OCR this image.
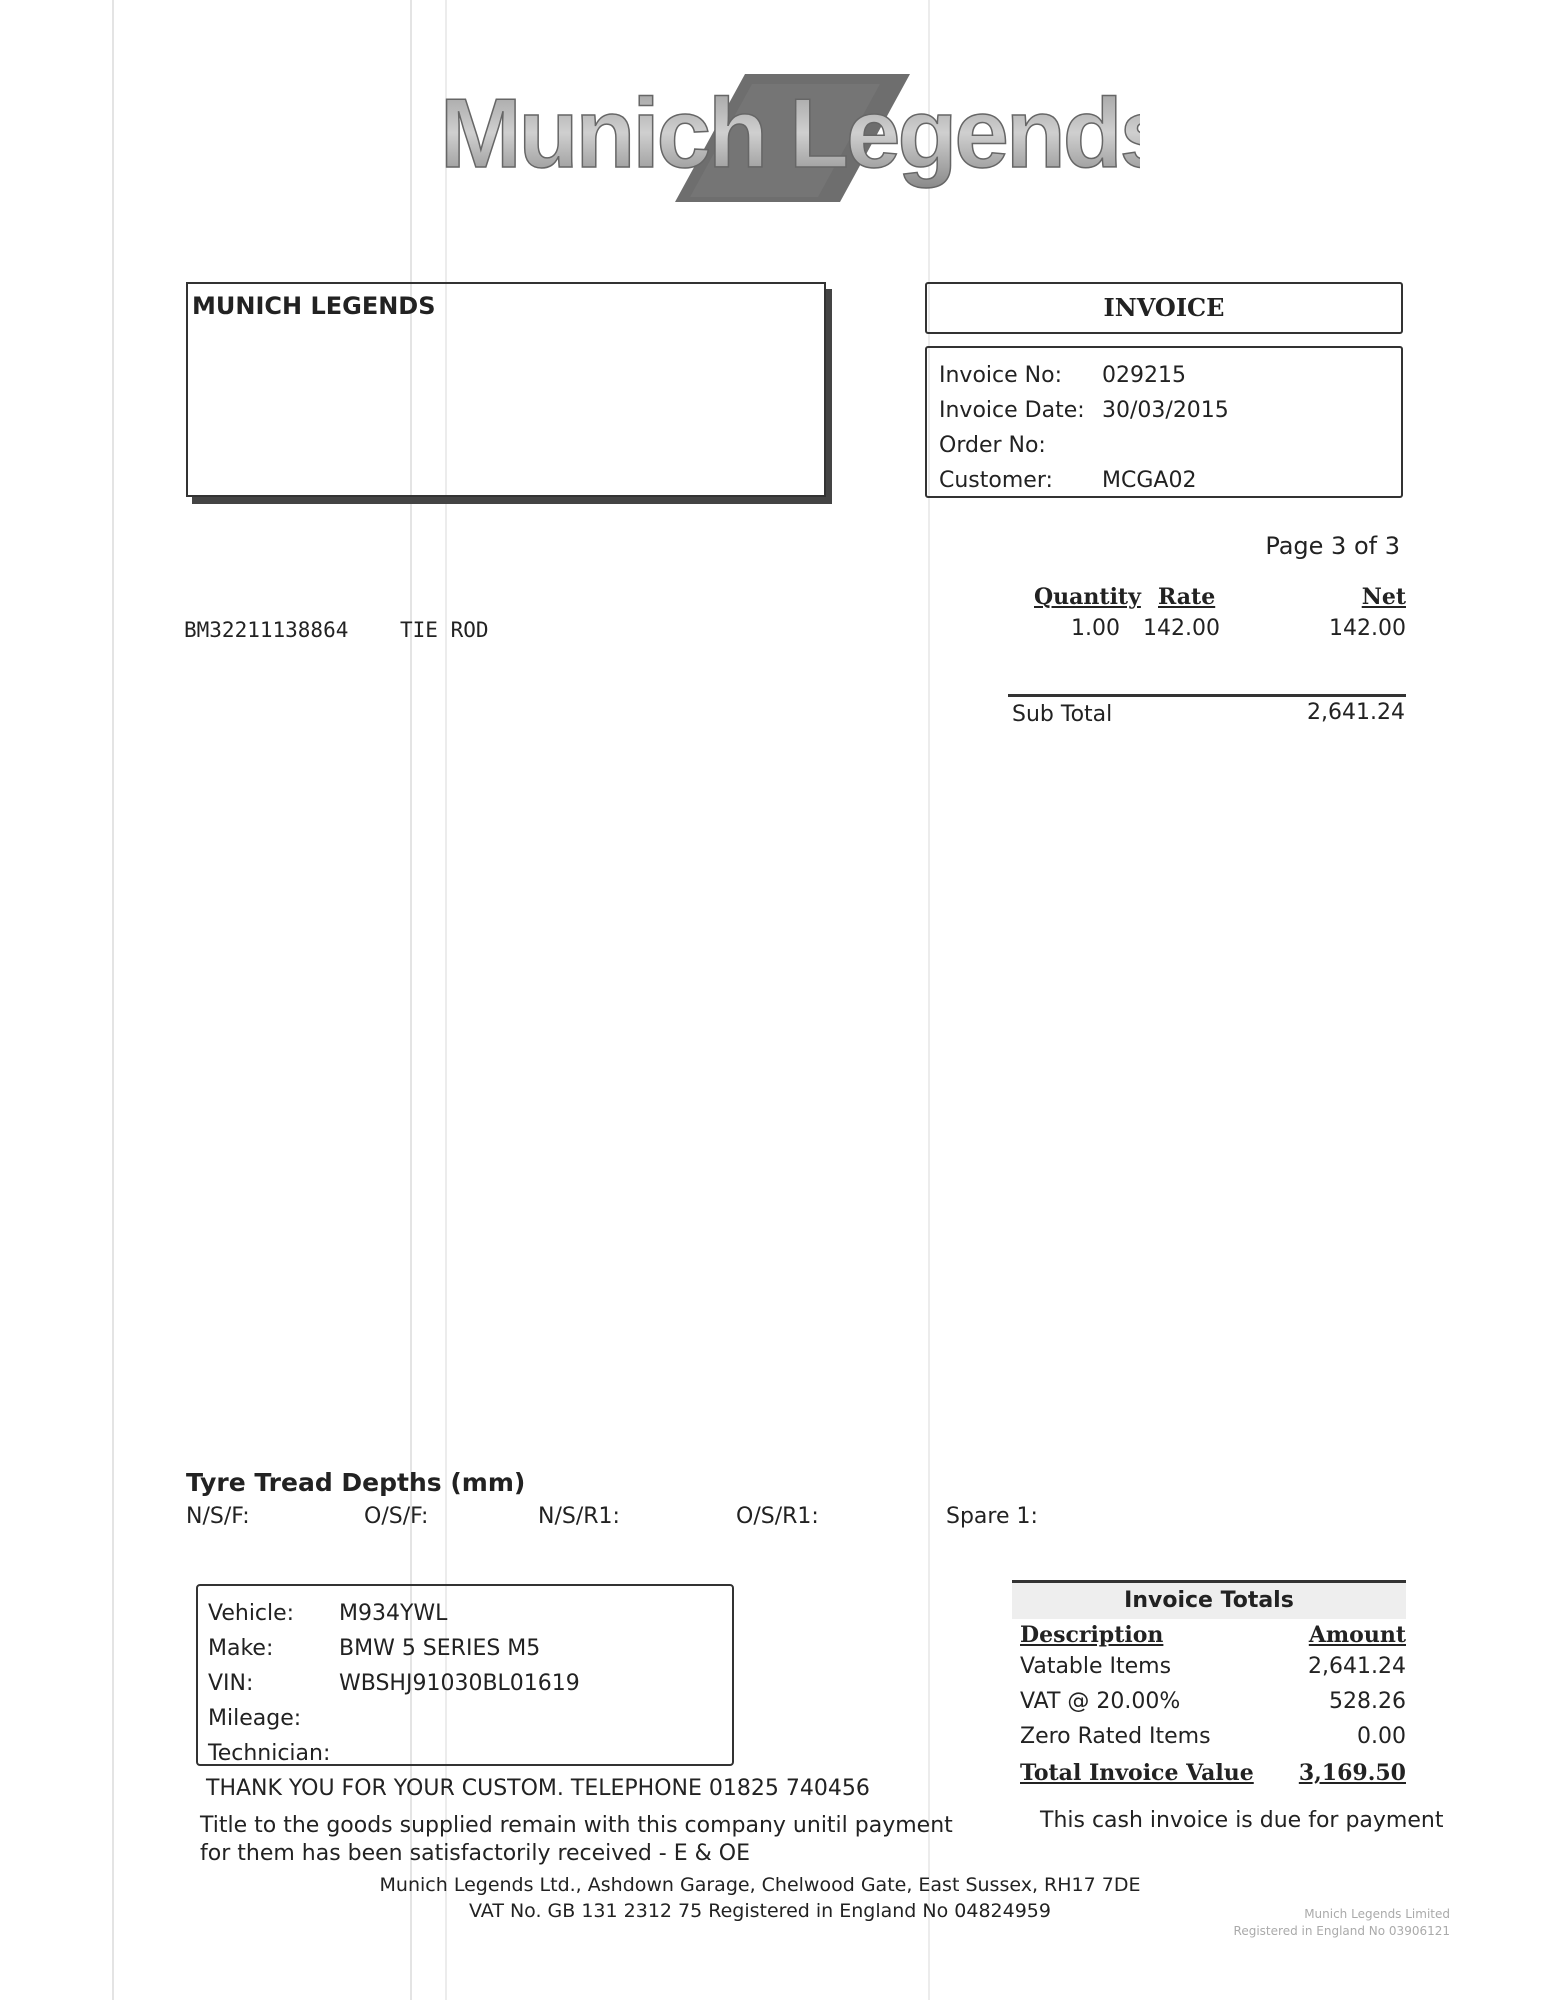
Munich Legends
MUNICH LEGENDS	INVOICE
Invoice No: 029215
Invoice Date: 30/03/2015
Order No:
Customer: MCGA02
Page 3 of 3
Quantity Rate	Net
BM32211138864 TIE ROD	1.00 142.00	142.00
Sub Total	2,641.24
Tyre Tread Depths (mm)
N/S/F:	O/S/F:	N/S/R1:	O/S/R1:	Spare 1:
Vehicle: M934YWL
Make:	BMW 5 SERIES M5
VIN:	WBSHJ91030BL01619
Mileage:
Technician:
Invoice Totals
Description	Amount
Vatable Items	2,641.24
VAT @ 20.00%	528.26
Zero Rated Items	0.00
Total Invoice Value 3,169.50
This cash invoice is due for payment
THANK YOU FOR YOUR CUSTOM. TELEPHONE 01825 740456
Title to the goods supplied remain with this company unitil payment for them has been satisfactorily received - E & OE
Munich Legends Ltd., Ashdown Garage, Chelwood Gate, East Sussex, RH17 7DE
VAT No. GB 131 2312 75 Registered in England No 04824959	Munich Legends Limited
Registered in England No 03906121
